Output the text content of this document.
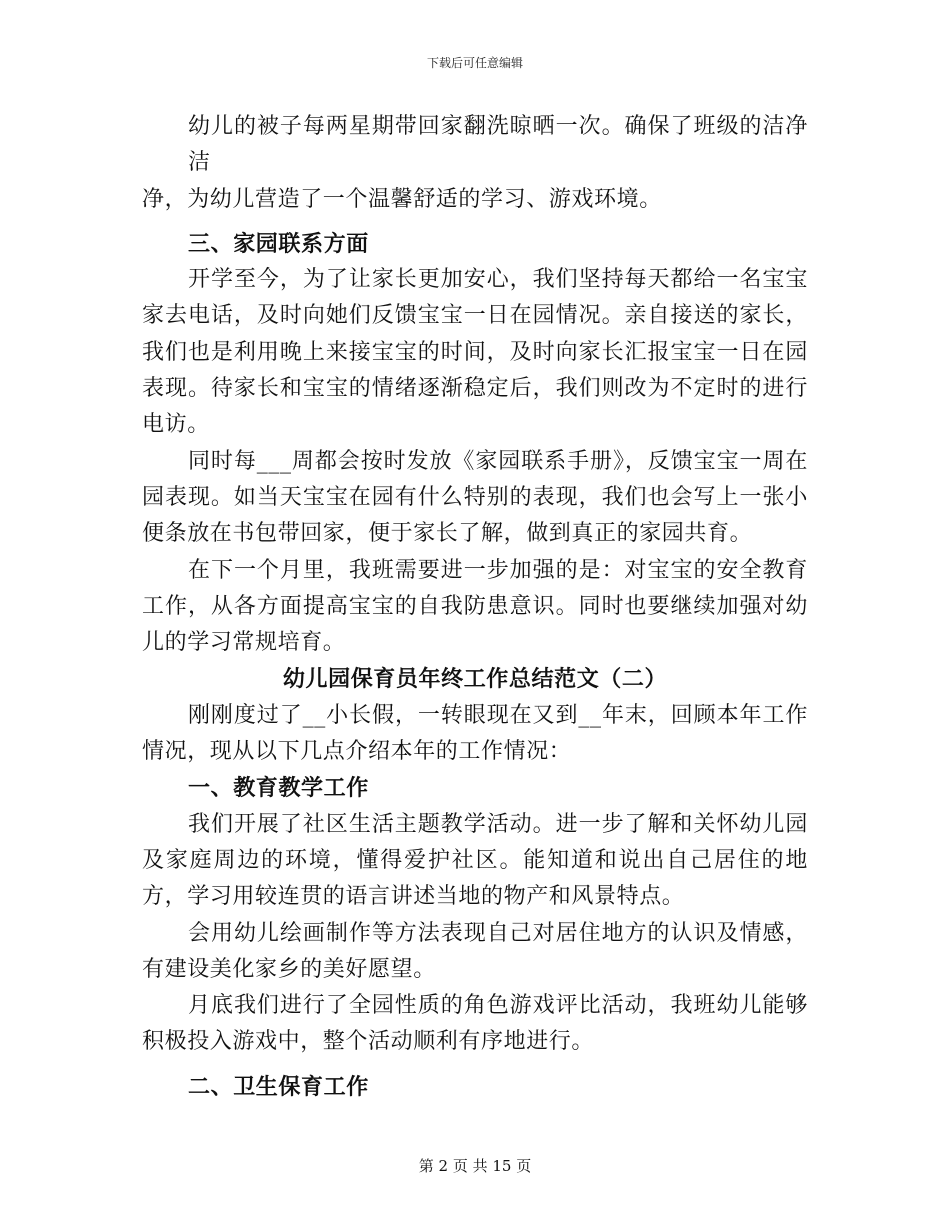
下载后可任意编辑

幼儿的被子每两星期带回家翻洗晾晒一次。确保了班级的洁净洁

净，为幼儿营造了一个温馨舒适的学习、游戏环境。

三、家园联系方面

开学至今，为了让家长更加安心，我们坚持每天都给一名宝宝家去电话，及时向她们反馈宝宝一日在园情况。亲自接送的家长，我们也是利用晚上来接宝宝的时间，及时向家长汇报宝宝一日在园表现。待家长和宝宝的情绪逐渐稳定后，我们则改为不定时的进行电访。

同时每___周都会按时发放《家园联系手册》，反馈宝宝一周在园表现。如当天宝宝在园有什么特别的表现，我们也会写上一张小便条放在书包带回家，便于家长了解，做到真正的家园共育。

在下一个月里，我班需要进一步加强的是：对宝宝的安全教育工作，从各方面提高宝宝的自我防患意识。同时也要继续加强对幼儿的学习常规培育。

幼儿园保育员年终工作总结范文（二）

刚刚度过了__小长假，一转眼现在又到__年末，回顾本年工作情况，现从以下几点介绍本年的工作情况：

一、教育教学工作

我们开展了社区生活主题教学活动。进一步了解和关怀幼儿园及家庭周边的环境，懂得爱护社区。能知道和说出自己居住的地方，学习用较连贯的语言讲述当地的物产和风景特点。

会用幼儿绘画制作等方法表现自己对居住地方的认识及情感，有建设美化家乡的美好愿望。

月底我们进行了全园性质的角色游戏评比活动，我班幼儿能够积极投入游戏中，整个活动顺利有序地进行。

二、卫生保育工作

第 2 页 共 15 页
